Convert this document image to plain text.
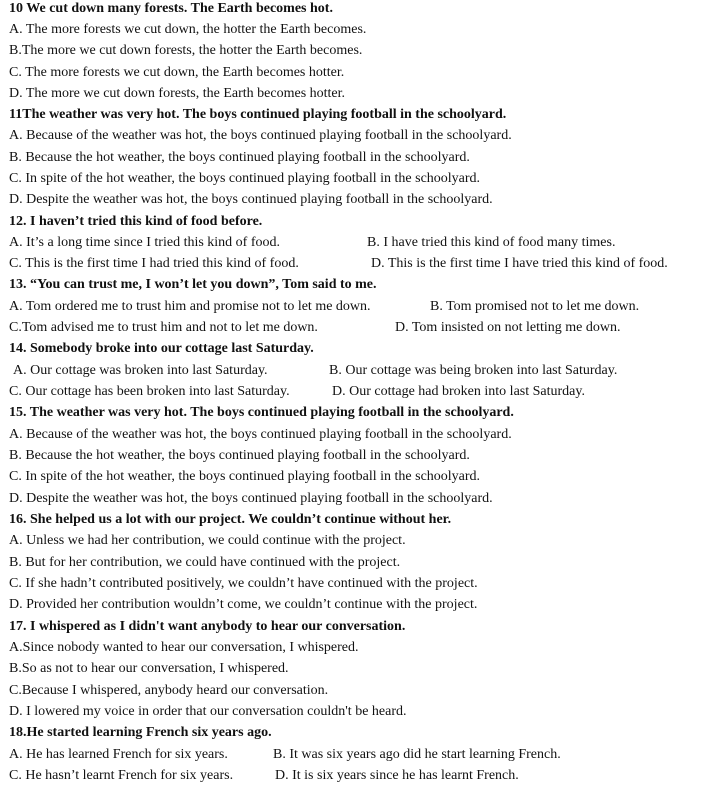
10 We cut down many forests. The Earth becomes hot.
A. The more forests we cut down, the hotter the Earth becomes.
B.The more we cut down forests, the hotter the Earth becomes.
C. The more forests we cut down, the Earth becomes hotter.
D. The more we cut down forests, the Earth becomes hotter.
11The weather was very hot. The boys continued playing football in the schoolyard.
A. Because of the weather was hot, the boys continued playing football in the schoolyard.
B. Because the hot weather, the boys continued playing football in the schoolyard.
C. In spite of the hot weather, the boys continued playing football in the schoolyard.
D. Despite the weather was hot, the boys continued playing football in the schoolyard.
12. I haven’t tried this kind of food before.
A. It’s a long time since I tried this kind of food.	B. I have tried this kind of food many times.
C. This is the first time I had tried this kind of food.	D. This is the first time I have tried this kind of food.
13. “You can trust me, I won’t let you down”, Tom said to me.
A. Tom ordered me to trust him and promise not to let me down.	B. Tom promised not to let me down.
C.Tom advised me to trust him and not to let me down.	D. Tom insisted on not letting me down.
14. Somebody broke into our cottage last Saturday.
A. Our cottage was broken into last Saturday.	B. Our cottage was being broken into last Saturday.
C. Our cottage has been broken into last Saturday.	D. Our cottage had broken into last Saturday.
15. The weather was very hot. The boys continued playing football in the schoolyard.
A. Because of the weather was hot, the boys continued playing football in the schoolyard.
B. Because the hot weather, the boys continued playing football in the schoolyard.
C. In spite of the hot weather, the boys continued playing football in the schoolyard.
D. Despite the weather was hot, the boys continued playing football in the schoolyard.
16. She helped us a lot with our project. We couldn’t continue without her.
A. Unless we had her contribution, we could continue with the project.
B. But for her contribution, we could have continued with the project.
C. If she hadn’t contributed positively, we couldn’t have continued with the project.
D. Provided her contribution wouldn’t come, we couldn’t continue with the project.
17. I whispered as I didn't want anybody to hear our conversation.
A.Since nobody wanted to hear our conversation, I whispered.
B.So as not to hear our conversation, I whispered.
C.Because I whispered, anybody heard our conversation.
D. I lowered my voice in order that our conversation couldn't be heard.
18.He started learning French six years ago.
A. He has learned French for six years.	B. It was six years ago did he start learning French.
C. He hasn’t learnt French for six years.	D. It is six years since he has learnt French.
